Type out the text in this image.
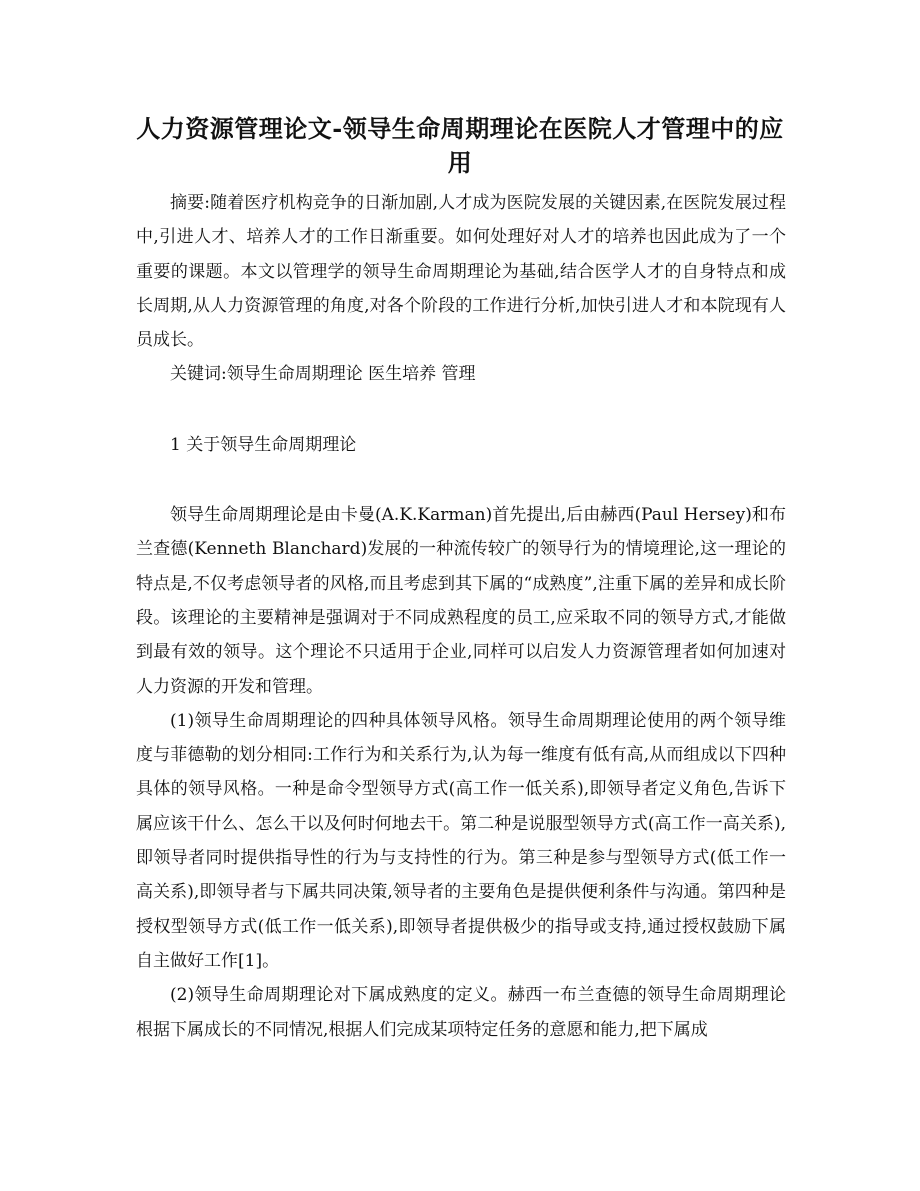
人力资源管理论文-领导生命周期理论在医院人才管理中的应用

摘要:随着医疗机构竞争的日渐加剧,人才成为医院发展的关键因素,在医院发展过程中,引进人才、培养人才的工作日渐重要。如何处理好对人才的培养也因此成为了一个重要的课题。本文以管理学的领导生命周期理论为基础,结合医学人才的自身特点和成长周期,从人力资源管理的角度,对各个阶段的工作进行分析,加快引进人才和本院现有人员成长。

关键词:领导生命周期理论 医生培养 管理

1 关于领导生命周期理论

领导生命周期理论是由卡曼(A.K.Karman)首先提出,后由赫西(Paul Hersey)和布兰查德(Kenneth Blanchard)发展的一种流传较广的领导行为的情境理论,这一理论的特点是,不仅考虑领导者的风格,而且考虑到其下属的“成熟度”,注重下属的差异和成长阶段。该理论的主要精神是强调对于不同成熟程度的员工,应采取不同的领导方式,才能做到最有效的领导。这个理论不只适用于企业,同样可以启发人力资源管理者如何加速对人力资源的开发和管理。

(1)领导生命周期理论的四种具体领导风格。领导生命周期理论使用的两个领导维度与菲德勒的划分相同:工作行为和关系行为,认为每一维度有低有高,从而组成以下四种具体的领导风格。一种是命令型领导方式(高工作一低关系),即领导者定义角色,告诉下属应该干什么、怎么干以及何时何地去干。第二种是说服型领导方式(高工作一高关系),即领导者同时提供指导性的行为与支持性的行为。第三种是参与型领导方式(低工作一高关系),即领导者与下属共同决策,领导者的主要角色是提供便利条件与沟通。第四种是授权型领导方式(低工作一低关系),即领导者提供极少的指导或支持,通过授权鼓励下属自主做好工作[1]。

(2)领导生命周期理论对下属成熟度的定义。赫西一布兰查德的领导生命周期理论根据下属成长的不同情况,根据人们完成某项特定任务的意愿和能力,把下属成
